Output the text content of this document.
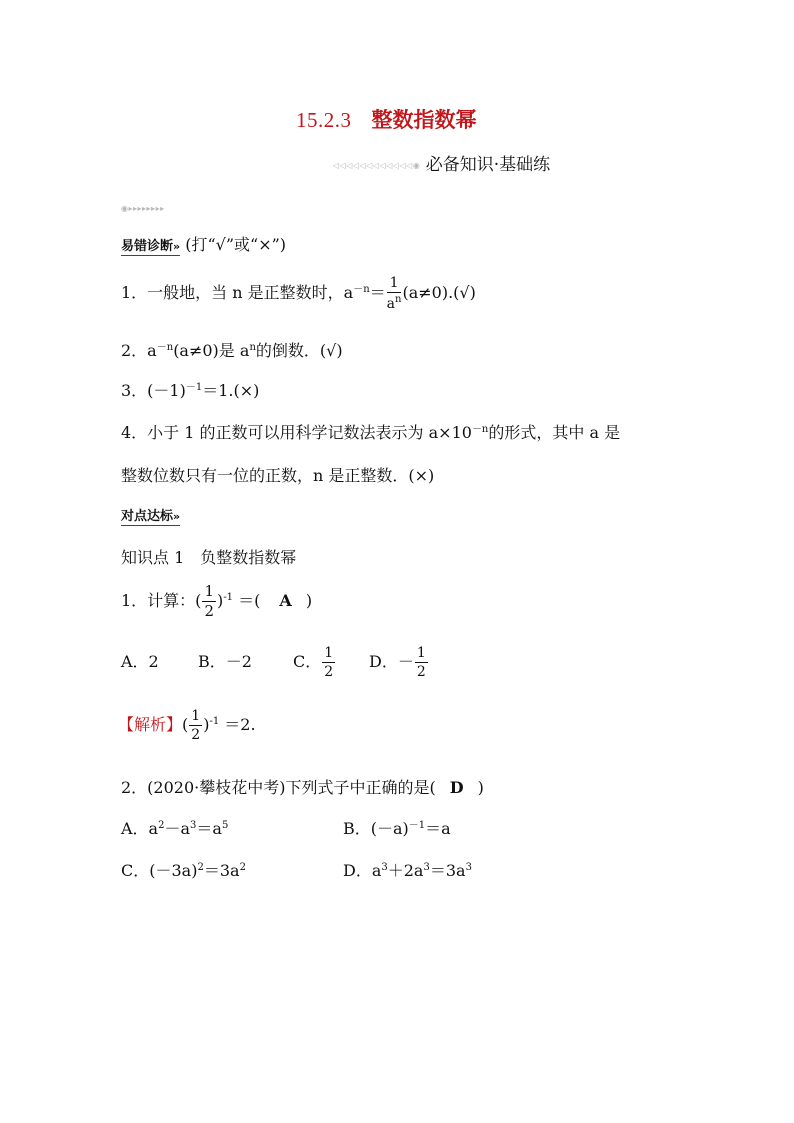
15.2.3 整数指数幂
◁◁◁◁◁◁◁◁◁◁◁◁◉ 必备知识·基础练
◉▸▸▸▸▸▸▸▸
易错诊断» (打“√”或“×”)
1．一般地，当 n 是正整数时，$a^{-n}= \frac{1}{a^n} (a\ne 0).(√)$
2．$a^{-n}(a\ne 0)$是 $a^n$的倒数．(√)
3．$(-1)^{-1}=1.(\times)$
4．小于 1 的正数可以用科学记数法表示为 $a\times 10^{-n}$的形式，其中 a 是
整数位数只有一位的正数，n 是正整数．(×)
对点达标»
知识点 1　负整数指数幂
1．计算：( $\frac{1}{2} )^{-1}$ ＝( A )
A．2 B．－2	C． $\frac{1}{2}$ D．－ $\frac{1}{2}$
【解析】( $\frac{1}{2} )^{-1} =2$.
2．(2020·攀枝花中考)下列式子中正确的是( D )
A．$a^2-a^3=a^5$	B．$(-a)^{-1}=a$
C．$(-3a)^2=3a^2$	D．$a^3+2a^3=3a^3$
